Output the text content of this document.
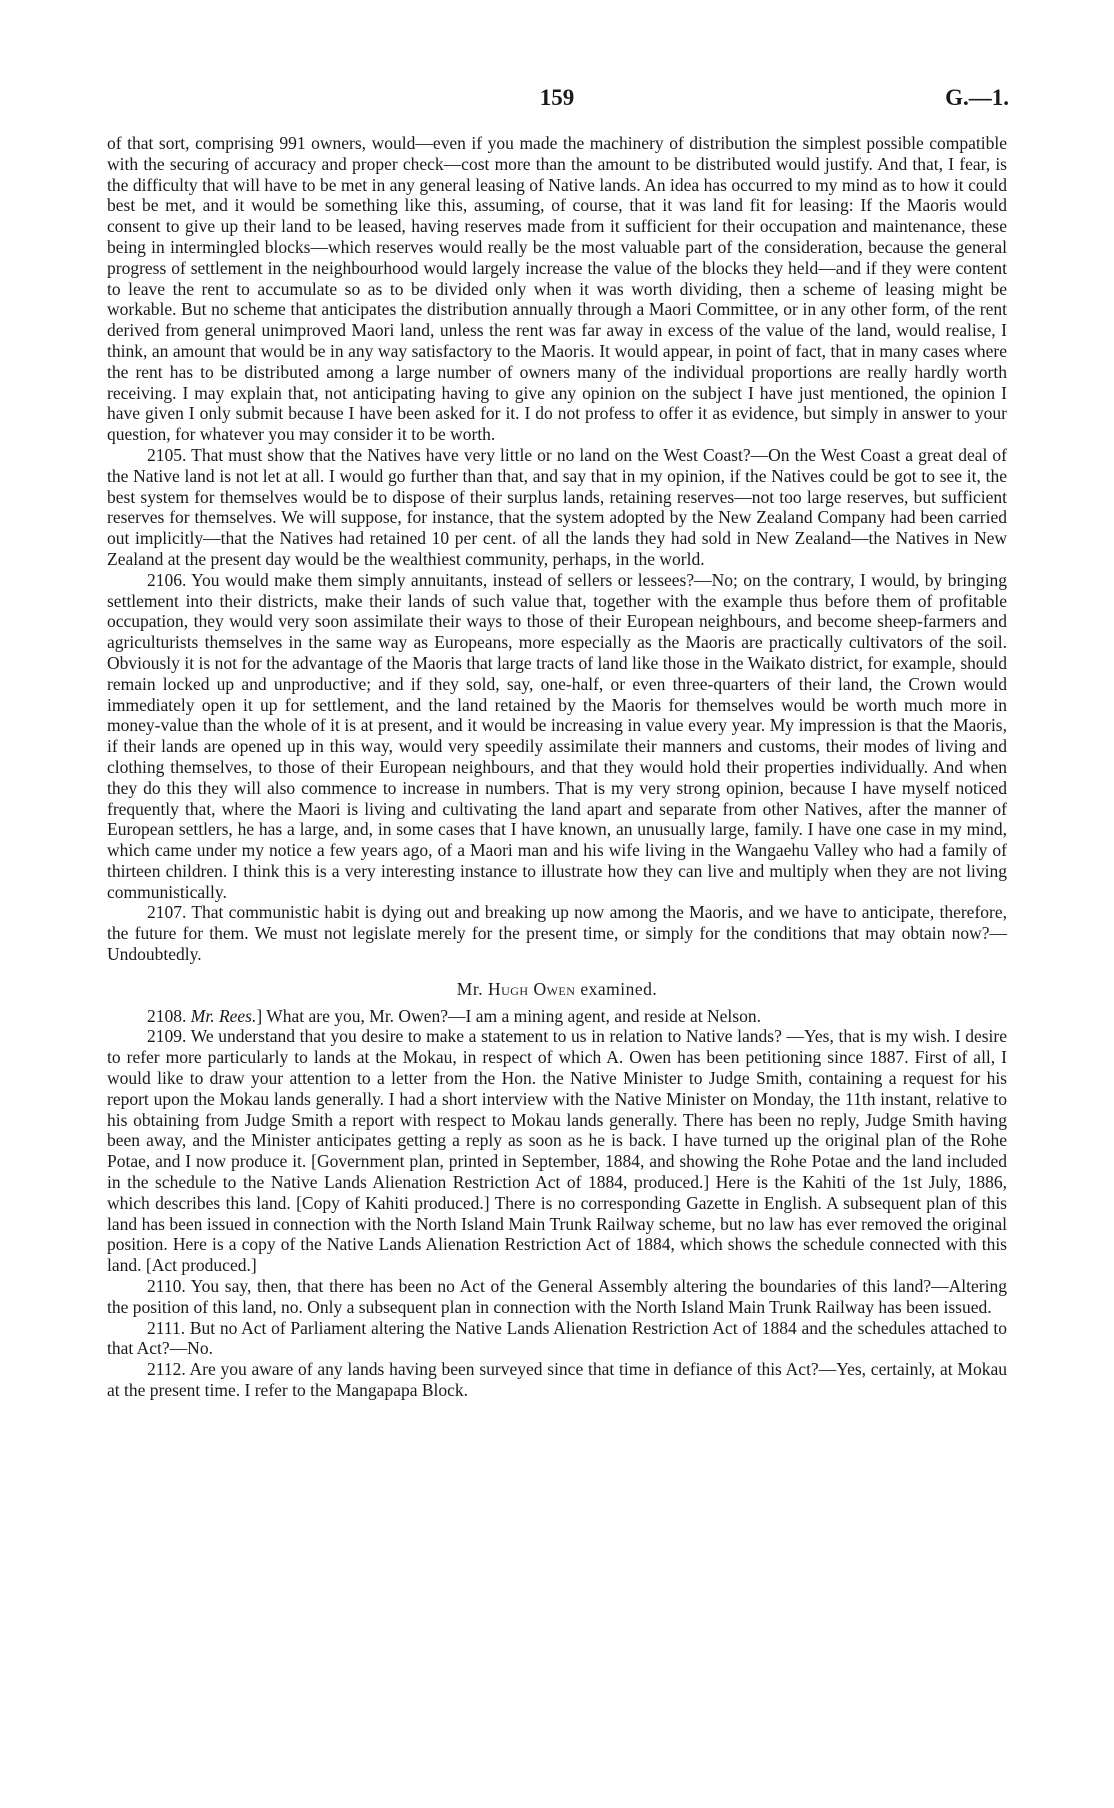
159	G.—1.

of that sort, comprising 991 owners, would—even if you made the machinery of distribution the simplest possible compatible with the securing of accuracy and proper check—cost more than the amount to be distributed would justify. And that, I fear, is the difficulty that will have to be met in any general leasing of Native lands. An idea has occurred to my mind as to how it could best be met, and it would be something like this, assuming, of course, that it was land fit for leasing: If the Maoris would consent to give up their land to be leased, having reserves made from it sufficient for their occupation and maintenance, these being in intermingled blocks—which reserves would really be the most valuable part of the consideration, because the general progress of settlement in the neighbourhood would largely increase the value of the blocks they held—and if they were content to leave the rent to accumulate so as to be divided only when it was worth dividing, then a scheme of leasing might be workable. But no scheme that anticipates the distribution annually through a Maori Committee, or in any other form, of the rent derived from general unimproved Maori land, unless the rent was far away in excess of the value of the land, would realise, I think, an amount that would be in any way satisfactory to the Maoris. It would appear, in point of fact, that in many cases where the rent has to be distributed among a large number of owners many of the individual proportions are really hardly worth receiving. I may explain that, not anticipating having to give any opinion on the subject I have just mentioned, the opinion I have given I only submit because I have been asked for it. I do not profess to offer it as evidence, but simply in answer to your question, for whatever you may consider it to be worth.

2105. That must show that the Natives have very little or no land on the West Coast?—On the West Coast a great deal of the Native land is not let at all. I would go further than that, and say that in my opinion, if the Natives could be got to see it, the best system for themselves would be to dispose of their surplus lands, retaining reserves—not too large reserves, but sufficient reserves for themselves. We will suppose, for instance, that the system adopted by the New Zealand Company had been carried out implicitly—that the Natives had retained 10 per cent. of all the lands they had sold in New Zealand—the Natives in New Zealand at the present day would be the wealthiest community, perhaps, in the world.

2106. You would make them simply annuitants, instead of sellers or lessees?—No; on the contrary, I would, by bringing settlement into their districts, make their lands of such value that, together with the example thus before them of profitable occupation, they would very soon assimilate their ways to those of their European neighbours, and become sheep-farmers and agriculturists themselves in the same way as Europeans, more especially as the Maoris are practically cultivators of the soil. Obviously it is not for the advantage of the Maoris that large tracts of land like those in the Waikato district, for example, should remain locked up and unproductive; and if they sold, say, one-half, or even three-quarters of their land, the Crown would immediately open it up for settlement, and the land retained by the Maoris for themselves would be worth much more in money-value than the whole of it is at present, and it would be increasing in value every year. My impression is that the Maoris, if their lands are opened up in this way, would very speedily assimilate their manners and customs, their modes of living and clothing themselves, to those of their European neighbours, and that they would hold their properties individually. And when they do this they will also commence to increase in numbers. That is my very strong opinion, because I have myself noticed frequently that, where the Maori is living and cultivating the land apart and separate from other Natives, after the manner of European settlers, he has a large, and, in some cases that I have known, an unusually large, family. I have one case in my mind, which came under my notice a few years ago, of a Maori man and his wife living in the Wangaehu Valley who had a family of thirteen children. I think this is a very interesting instance to illustrate how they can live and multiply when they are not living communistically.

2107. That communistic habit is dying out and breaking up now among the Maoris, and we have to anticipate, therefore, the future for them. We must not legislate merely for the present time, or simply for the conditions that may obtain now?—Undoubtedly.

Mr. Hugh Owen examined.

2108. Mr. Rees.] What are you, Mr. Owen?—I am a mining agent, and reside at Nelson.

2109. We understand that you desire to make a statement to us in relation to Native lands? —Yes, that is my wish. I desire to refer more particularly to lands at the Mokau, in respect of which A. Owen has been petitioning since 1887. First of all, I would like to draw your attention to a letter from the Hon. the Native Minister to Judge Smith, containing a request for his report upon the Mokau lands generally. I had a short interview with the Native Minister on Monday, the 11th instant, relative to his obtaining from Judge Smith a report with respect to Mokau lands generally. There has been no reply, Judge Smith having been away, and the Minister anticipates getting a reply as soon as he is back. I have turned up the original plan of the Rohe Potae, and I now produce it. [Government plan, printed in September, 1884, and showing the Rohe Potae and the land included in the schedule to the Native Lands Alienation Restriction Act of 1884, produced.] Here is the Kahiti of the 1st July, 1886, which describes this land. [Copy of Kahiti produced.] There is no corresponding Gazette in English. A subsequent plan of this land has been issued in connection with the North Island Main Trunk Railway scheme, but no law has ever removed the original position. Here is a copy of the Native Lands Alienation Restriction Act of 1884, which shows the schedule connected with this land. [Act produced.]

2110. You say, then, that there has been no Act of the General Assembly altering the boundaries of this land?—Altering the position of this land, no. Only a subsequent plan in connection with the North Island Main Trunk Railway has been issued.

2111. But no Act of Parliament altering the Native Lands Alienation Restriction Act of 1884 and the schedules attached to that Act?—No.

2112. Are you aware of any lands having been surveyed since that time in defiance of this Act?—Yes, certainly, at Mokau at the present time. I refer to the Mangapapa Block.
